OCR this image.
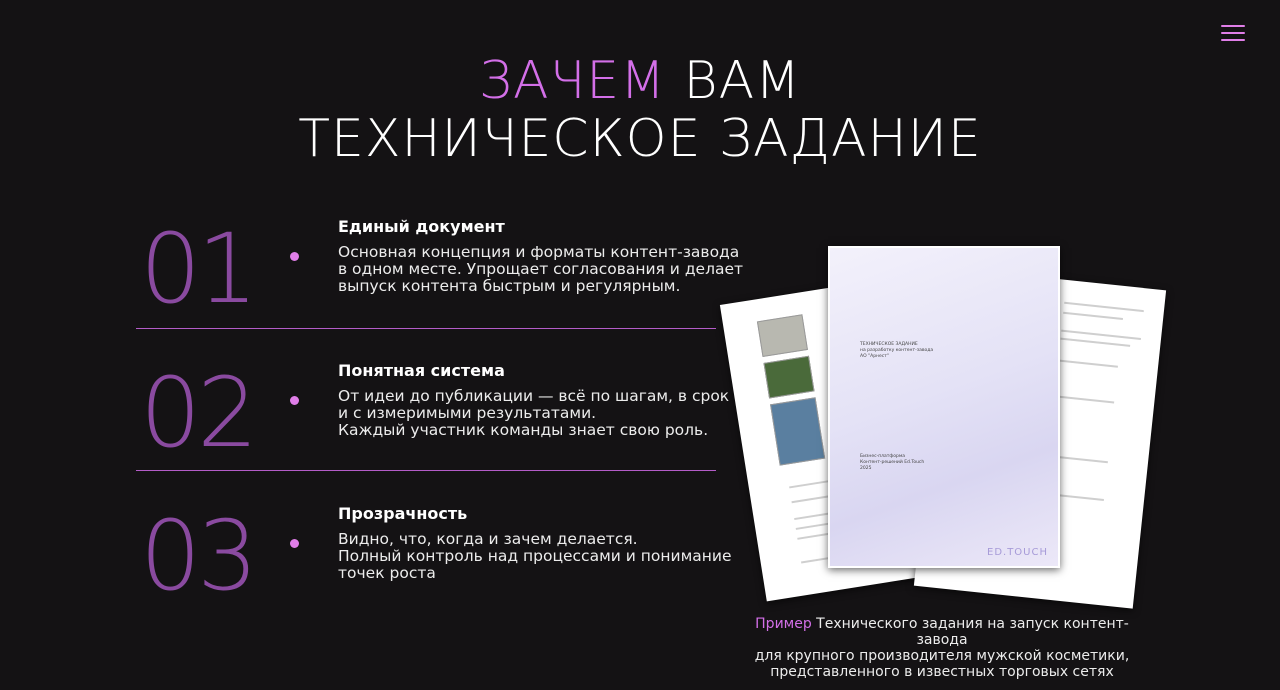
ЗАЧЕМ ВАМ
ТЕХНИЧЕСКОЕ ЗАДАНИЕ
01	Единый документ
Основная концепция и форматы контент-завода
в одном месте. Упрощает согласования и делает
выпуск контента быстрым и регулярным.
02	Понятная система
От идеи до публикации — всё по шагам, в срок
и с измеримыми результатами.
Каждый участник команды знает свою роль.
03	Прозрачность
Видно, что, когда и зачем делается.
Полный контроль над процессами и понимание
точек роста
ТЕХНИЧЕСКОЕ ЗАДАНИЕ
на разработку контент-завода
АО "Арнест"
Бизнес-платформа
Контент-решений Ed.Touch
2025
ED.TOUCH
Пример Технического задания на запуск контент-завода
для крупного производителя мужской косметики,
представленного в известных торговых сетях
